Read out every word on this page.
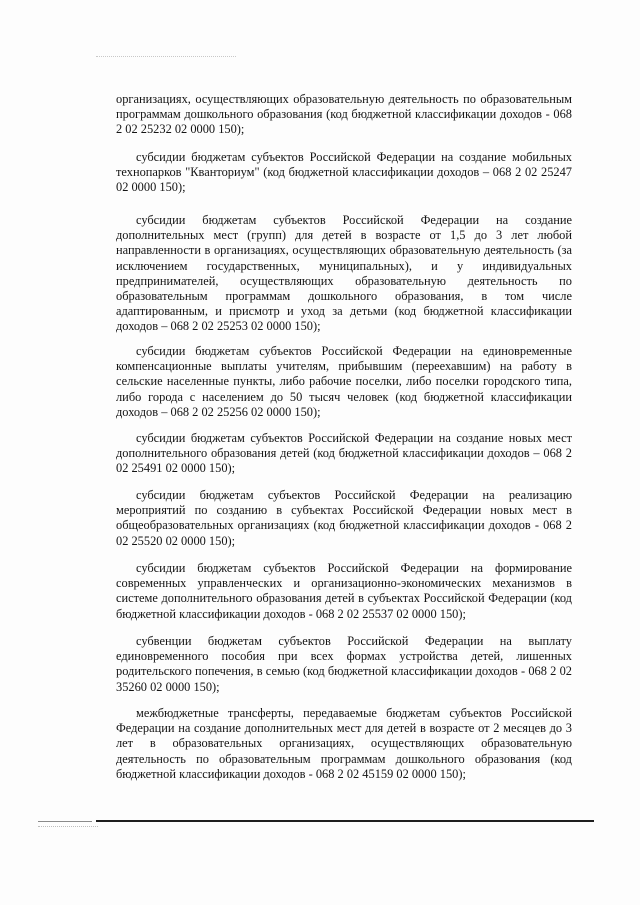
организациях, осуществляющих образовательную деятельность по образовательным программам дошкольного образования (код бюджетной классификации доходов - 068 2 02 25232 02 0000 150);

субсидии бюджетам субъектов Российской Федерации на создание мобильных технопарков "Кванториум" (код бюджетной классификации доходов – 068 2 02 25247 02 0000 150);

субсидии бюджетам субъектов Российской Федерации на создание дополнительных мест (групп) для детей в возрасте от 1,5 до 3 лет любой направленности в организациях, осуществляющих образовательную деятельность (за исключением государственных, муниципальных), и у индивидуальных предпринимателей, осуществляющих образовательную деятельность по образовательным программам дошкольного образования, в том числе адаптированным, и присмотр и уход за детьми (код бюджетной классификации доходов – 068 2 02 25253 02 0000 150);

субсидии бюджетам субъектов Российской Федерации на единовременные компенсационные выплаты учителям, прибывшим (переехавшим) на работу в сельские населенные пункты, либо рабочие поселки, либо поселки городского типа, либо города с населением до 50 тысяч человек (код бюджетной классификации доходов – 068 2 02 25256 02 0000 150);

субсидии бюджетам субъектов Российской Федерации на создание новых мест дополнительного образования детей (код бюджетной классификации доходов – 068 2 02 25491 02 0000 150);

субсидии бюджетам субъектов Российской Федерации на реализацию мероприятий по созданию в субъектах Российской Федерации новых мест в общеобразовательных организациях (код бюджетной классификации доходов - 068 2 02 25520 02 0000 150);

субсидии бюджетам субъектов Российской Федерации на формирование современных управленческих и организационно-экономических механизмов в системе дополнительного образования детей в субъектах Российской Федерации (код бюджетной классификации доходов - 068 2 02 25537 02 0000 150);

субвенции бюджетам субъектов Российской Федерации на выплату единовременного пособия при всех формах устройства детей, лишенных родительского попечения, в семью (код бюджетной классификации доходов - 068 2 02 35260 02 0000 150);

межбюджетные трансферты, передаваемые бюджетам субъектов Российской Федерации на создание дополнительных мест для детей в возрасте от 2 месяцев до 3 лет в образовательных организациях, осуществляющих образовательную деятельность по образовательным программам дошкольного образования (код бюджетной классификации доходов - 068 2 02 45159 02 0000 150);
